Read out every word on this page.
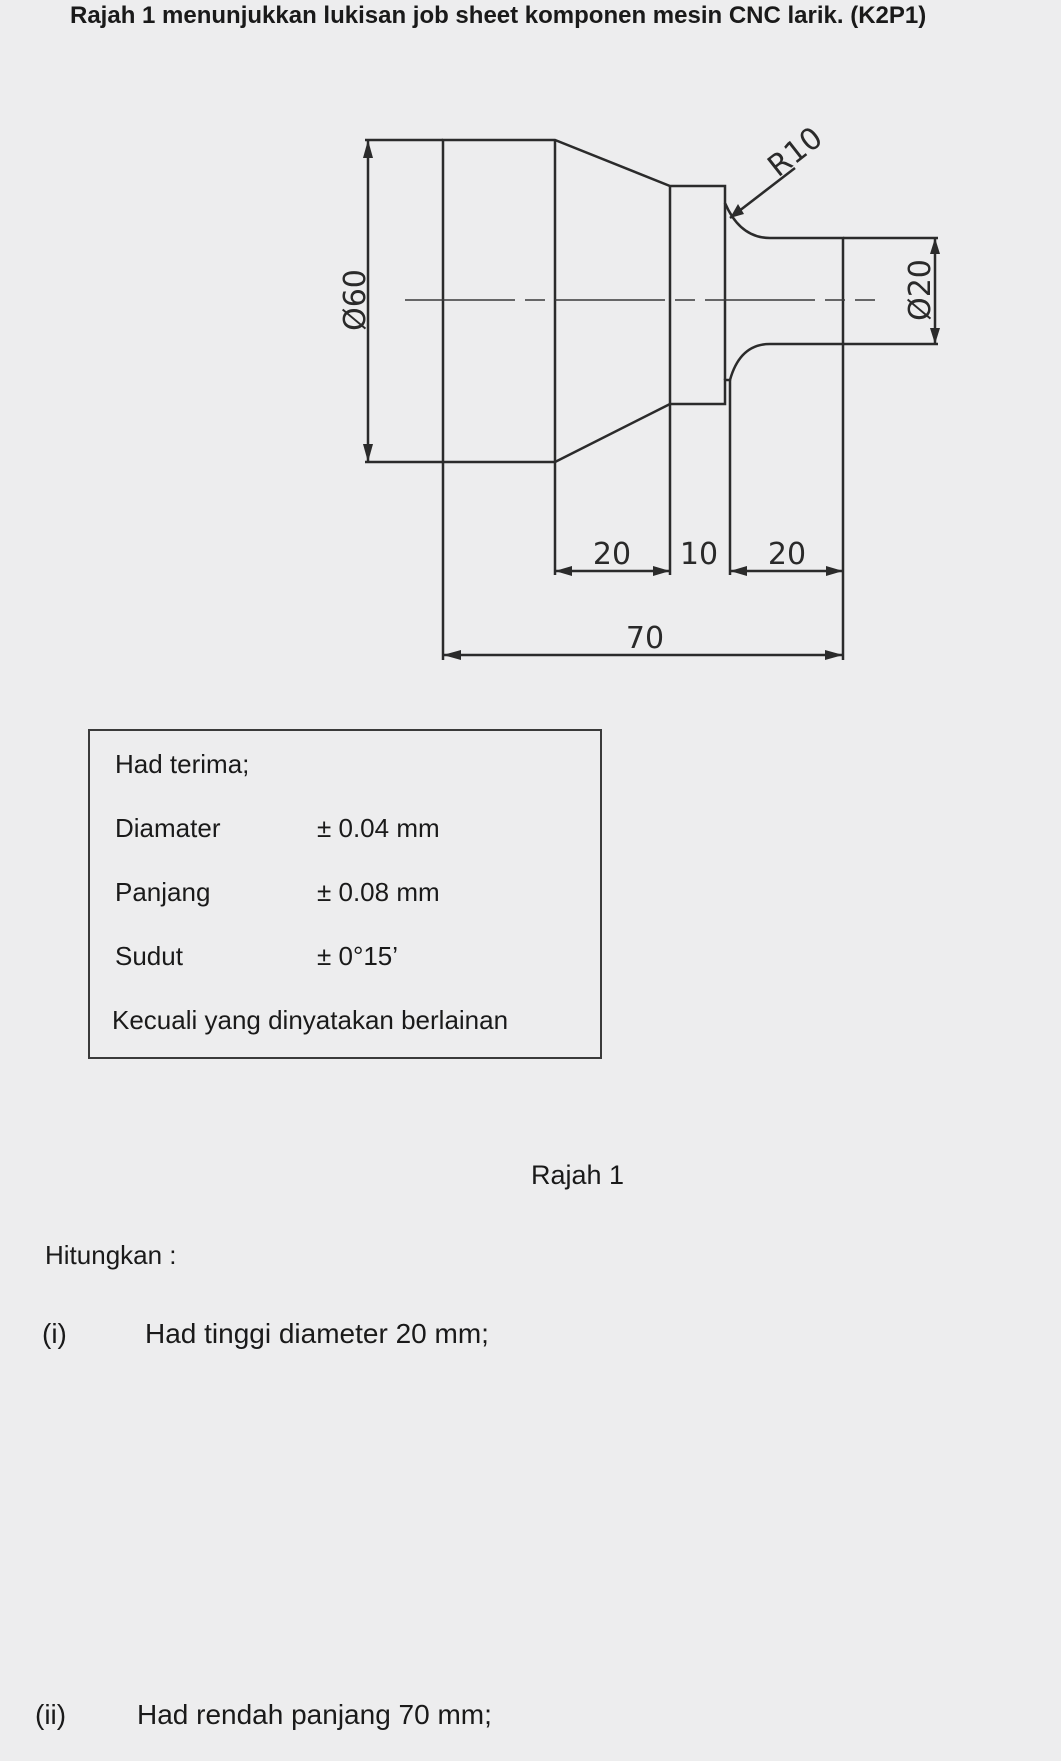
Rajah 1 menunjukkan lukisan job sheet komponen mesin CNC larik. (K2P1)
Ø60	Ø20
R10
20 10 20
70
Had terima;
Diamater	± 0.04 mm
Panjang	± 0.08 mm
Sudut	± 0°15’
Kecuali yang dinyatakan berlainan
Rajah 1
Hitungkan :
(i)	Had tinggi diameter 20 mm;
(ii)	Had rendah panjang 70 mm;
